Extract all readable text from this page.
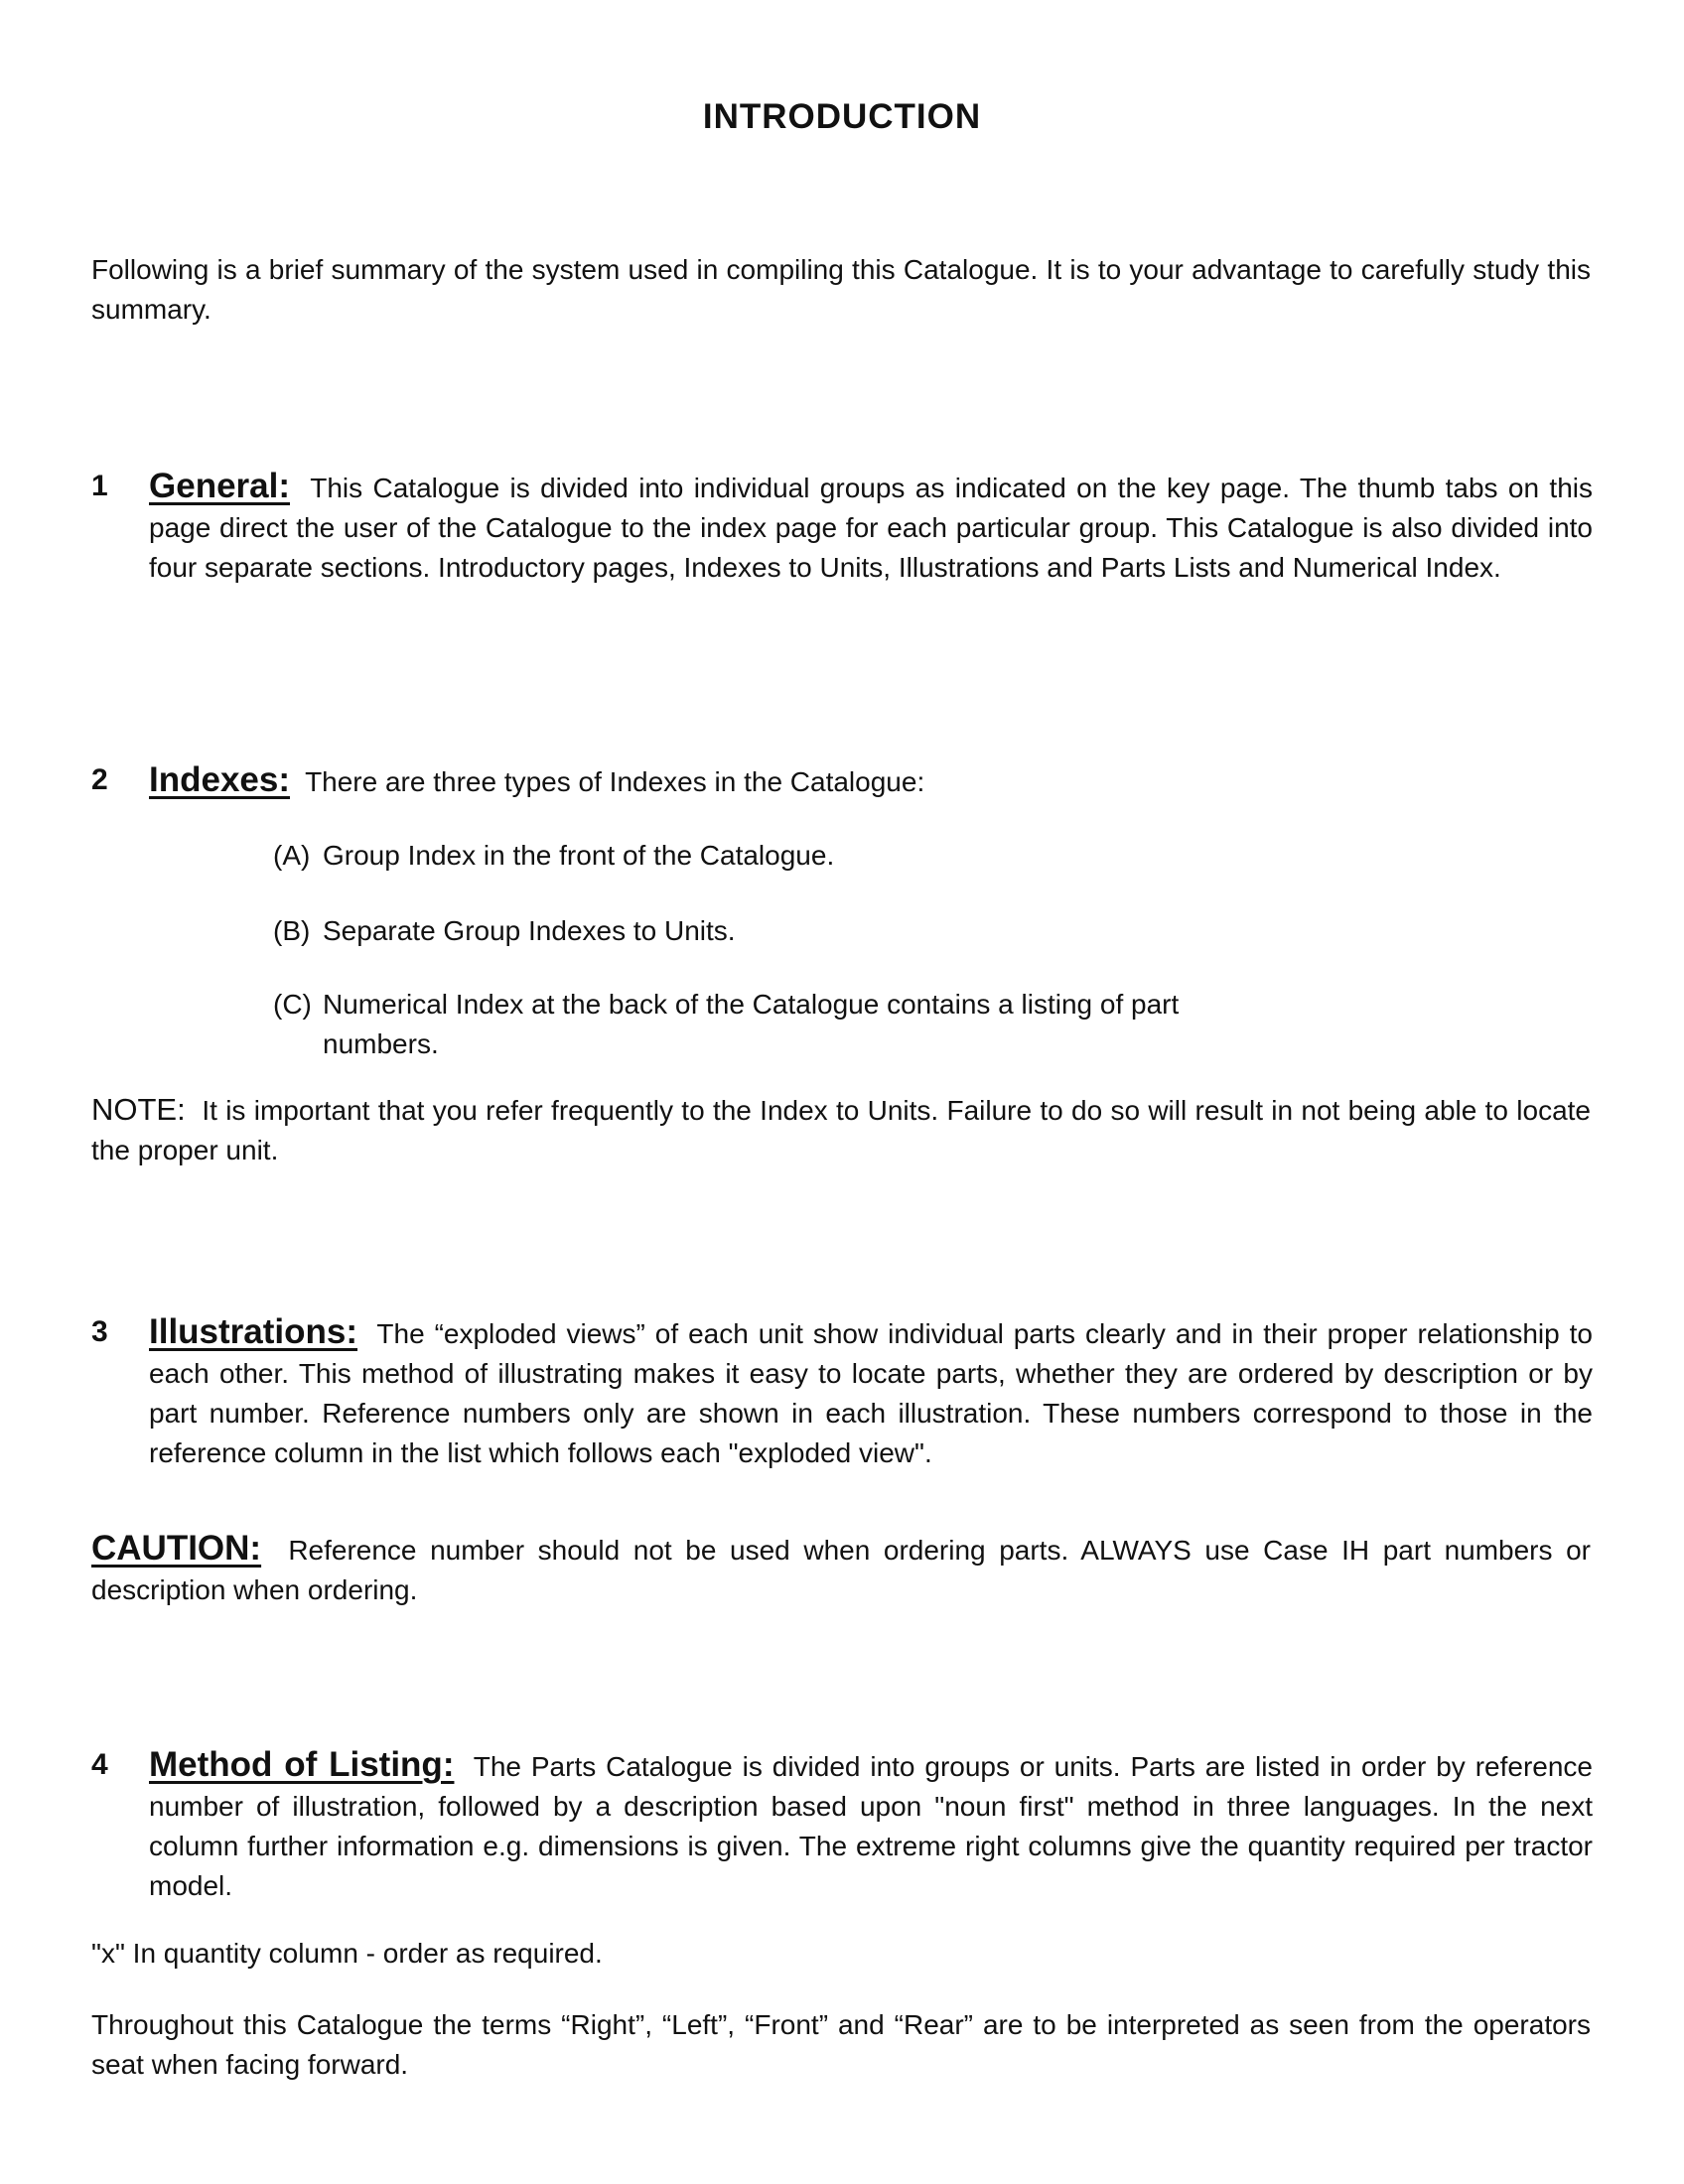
INTRODUCTION
Following is a brief summary of the system used in compiling this Catalogue. It is to your advantage to carefully study this summary.
1 General: This Catalogue is divided into individual groups as indicated on the key page. The thumb tabs on this page direct the user of the Catalogue to the index page for each particular group. This Catalogue is also divided into four separate sections. Introductory pages, Indexes to Units, Illustrations and Parts Lists and Numerical Index.
2 Indexes: There are three types of Indexes in the Catalogue:
(A) Group Index in the front of the Catalogue.
(B) Separate Group Indexes to Units.
(C) Numerical Index at the back of the Catalogue contains a listing of part
numbers.
NOTE: It is important that you refer frequently to the Index to Units. Failure to do so will result in not being able to locate the proper unit.
3 Illustrations: The “exploded views” of each unit show individual parts clearly and in their proper relationship to each other. This method of illustrating makes it easy to locate parts, whether they are ordered by description or by part number. Reference numbers only are shown in each illustration. These numbers correspond to those in the reference column in the list which follows each "exploded view".
CAUTION: Reference number should not be used when ordering parts. ALWAYS use Case IH part numbers or description when ordering.
4 Method of Listing: The Parts Catalogue is divided into groups or units. Parts are listed in order by reference number of illustration, followed by a description based upon "noun first" method in three languages. In the next column further information e.g. dimensions is given. The extreme right columns give the quantity required per tractor model.
"x" In quantity column - order as required.
Throughout this Catalogue the terms “Right”, “Left”, “Front” and “Rear” are to be interpreted as seen from the operators seat when facing forward.
